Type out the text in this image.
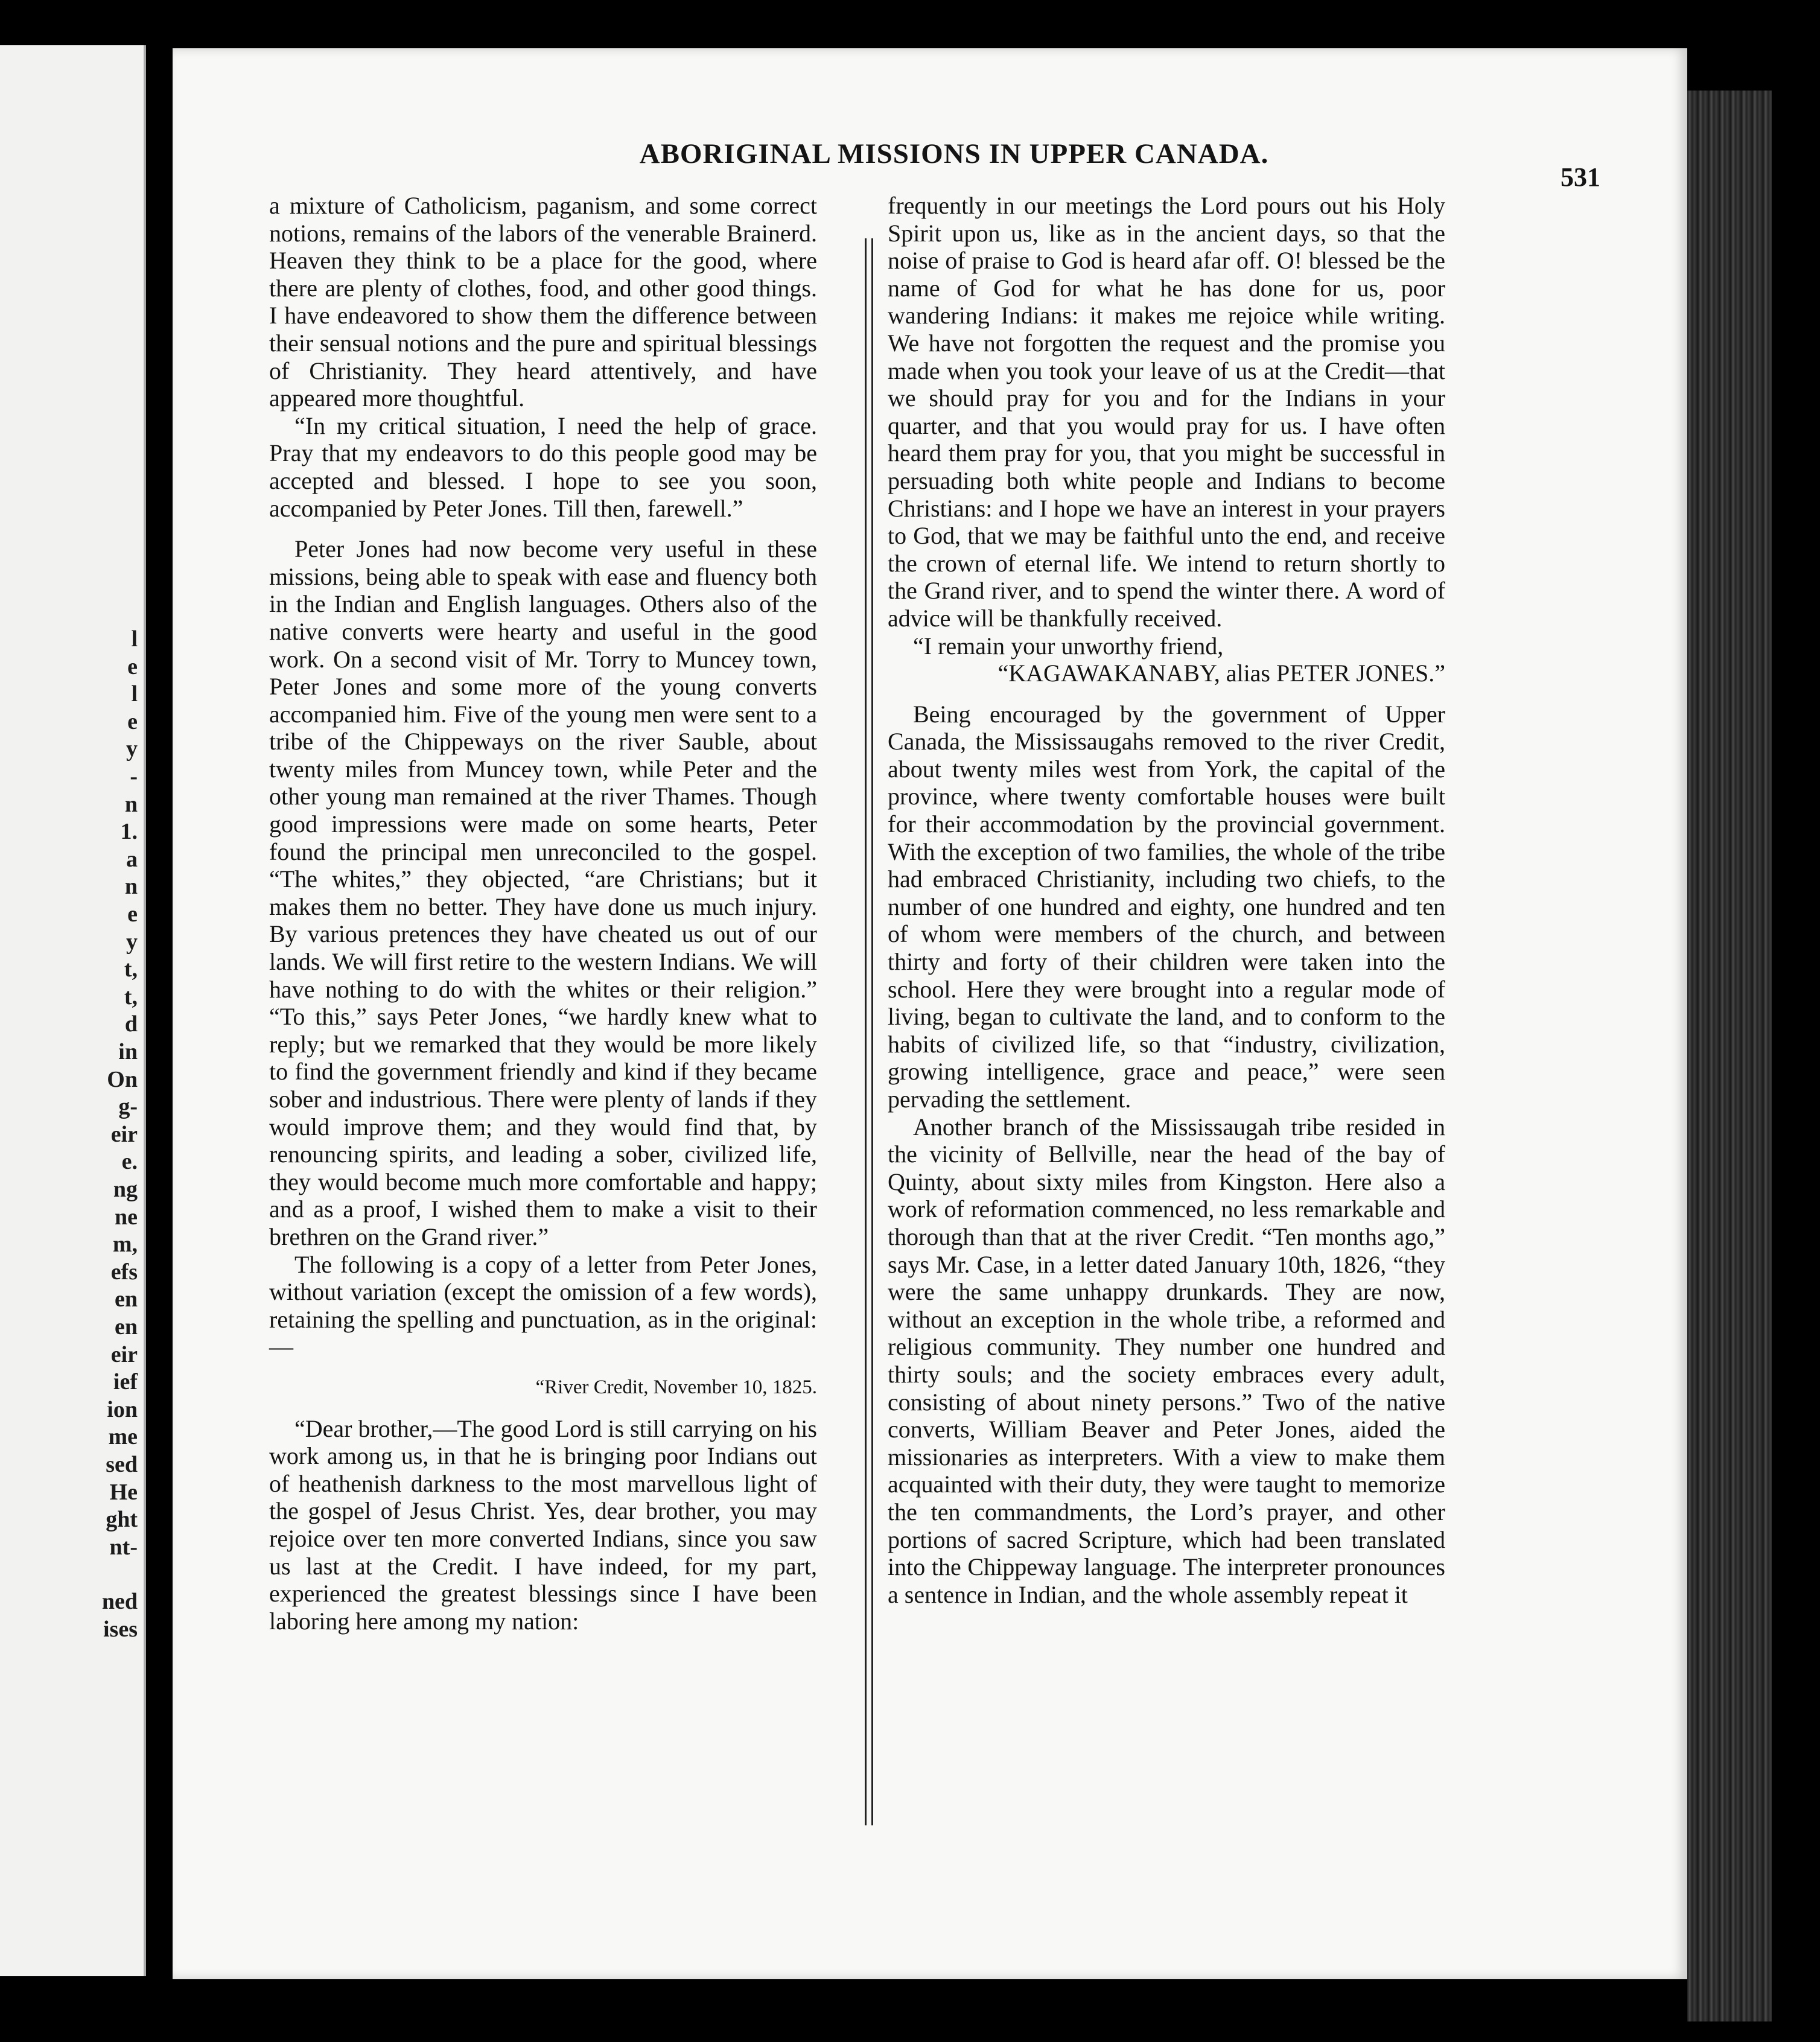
l
e
l
e
y
-
n
1.
a
n
e
y
t,
t,
d
in
On
g-
eir
e.
ng
ne
m,
efs
en
en
eir
ief
ion
me
sed
He
ght
nt-
ned
ises
ABORIGINAL MISSIONS IN UPPER CANADA.
531

a mixture of Catholicism, paganism, and some correct notions, remains of the labors of the venerable Brainerd. Heaven they think to be a place for the good, where there are plenty of clothes, food, and other good things. I have endeavored to show them the difference between their sensual notions and the pure and spiritual blessings of Christianity. They heard attentively, and have appeared more thoughtful.

“In my critical situation, I need the help of grace. Pray that my endeavors to do this people good may be accepted and blessed. I hope to see you soon, accompanied by Peter Jones. Till then, farewell.”

Peter Jones had now become very useful in these missions, being able to speak with ease and fluency both in the Indian and English languages. Others also of the native converts were hearty and useful in the good work. On a second visit of Mr. Torry to Muncey town, Peter Jones and some more of the young converts accompanied him. Five of the young men were sent to a tribe of the Chippeways on the river Sauble, about twenty miles from Muncey town, while Peter and the other young man remained at the river Thames. Though good impressions were made on some hearts, Peter found the principal men unreconciled to the gospel. “The whites,” they objected, “are Christians; but it makes them no better. They have done us much injury. By various pretences they have cheated us out of our lands. We will first retire to the western Indians. We will have nothing to do with the whites or their religion.” “To this,” says Peter Jones, “we hardly knew what to reply; but we remarked that they would be more likely to find the government friendly and kind if they became sober and industrious. There were plenty of lands if they would improve them; and they would find that, by renouncing spirits, and leading a sober, civilized life, they would become much more comfortable and happy; and as a proof, I wished them to make a visit to their brethren on the Grand river.”

The following is a copy of a letter from Peter Jones, without variation (except the omission of a few words), retaining the spelling and punctuation, as in the original:—

“River Credit, November 10, 1825.

“Dear brother,—The good Lord is still carrying on his work among us, in that he is bringing poor Indians out of heathenish darkness to the most marvellous light of the gospel of Jesus Christ. Yes, dear brother, you may rejoice over ten more converted Indians, since you saw us last at the Credit. I have indeed, for my part, experienced the greatest blessings since I have been laboring here among my nation:

frequently in our meetings the Lord pours out his Holy Spirit upon us, like as in the ancient days, so that the noise of praise to God is heard afar off. O! blessed be the name of God for what he has done for us, poor wandering Indians: it makes me rejoice while writing. We have not forgotten the request and the promise you made when you took your leave of us at the Credit—that we should pray for you and for the Indians in your quarter, and that you would pray for us. I have often heard them pray for you, that you might be successful in persuading both white people and Indians to become Christians: and I hope we have an interest in your prayers to God, that we may be faithful unto the end, and receive the crown of eternal life. We intend to return shortly to the Grand river, and to spend the winter there. A word of advice will be thankfully received.

“I remain your unworthy friend,

“KAGAWAKANABY, alias PETER JONES.”

Being encouraged by the government of Upper Canada, the Mississaugahs removed to the river Credit, about twenty miles west from York, the capital of the province, where twenty comfortable houses were built for their accommodation by the provincial government. With the exception of two families, the whole of the tribe had embraced Christianity, including two chiefs, to the number of one hundred and eighty, one hundred and ten of whom were members of the church, and between thirty and forty of their children were taken into the school. Here they were brought into a regular mode of living, began to cultivate the land, and to conform to the habits of civilized life, so that “industry, civilization, growing intelligence, grace and peace,” were seen pervading the settlement.

Another branch of the Mississaugah tribe resided in the vicinity of Bellville, near the head of the bay of Quinty, about sixty miles from Kingston. Here also a work of reformation commenced, no less remarkable and thorough than that at the river Credit. “Ten months ago,” says Mr. Case, in a letter dated January 10th, 1826, “they were the same unhappy drunkards. They are now, without an exception in the whole tribe, a reformed and religious community. They number one hundred and thirty souls; and the society embraces every adult, consisting of about ninety persons.” Two of the native converts, William Beaver and Peter Jones, aided the missionaries as interpreters. With a view to make them acquainted with their duty, they were taught to memorize the ten commandments, the Lord’s prayer, and other portions of sacred Scripture, which had been translated into the Chippeway language. The interpreter pronounces a sentence in Indian, and the whole assembly repeat it
